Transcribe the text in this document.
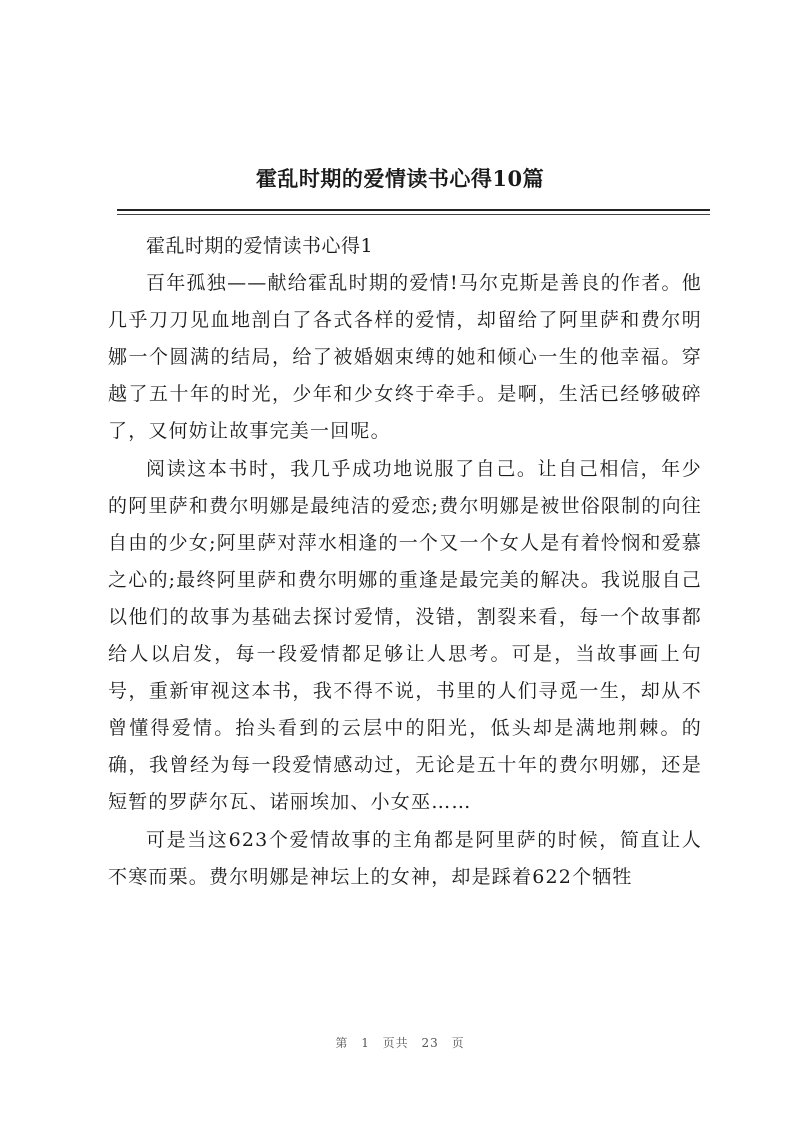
霍乱时期的爱情读书心得10篇

霍乱时期的爱情读书心得1

百年孤独——献给霍乱时期的爱情!马尔克斯是善良的作者。他几乎刀刀见血地剖白了各式各样的爱情，却留给了阿里萨和费尔明娜一个圆满的结局，给了被婚姻束缚的她和倾心一生的他幸福。穿越了五十年的时光，少年和少女终于牵手。是啊，生活已经够破碎了，又何妨让故事完美一回呢。

阅读这本书时，我几乎成功地说服了自己。让自己相信，年少的阿里萨和费尔明娜是最纯洁的爱恋;费尔明娜是被世俗限制的向往自由的少女;阿里萨对萍水相逢的一个又一个女人是有着怜悯和爱慕之心的;最终阿里萨和费尔明娜的重逢是最完美的解决。我说服自己以他们的故事为基础去探讨爱情，没错，割裂来看，每一个故事都给人以启发，每一段爱情都足够让人思考。可是，当故事画上句号，重新审视这本书，我不得不说，书里的人们寻觅一生，却从不曾懂得爱情。抬头看到的云层中的阳光，低头却是满地荆棘。的确，我曾经为每一段爱情感动过，无论是五十年的费尔明娜，还是短暂的罗萨尔瓦、诺丽埃加、小女巫……

可是当这623个爱情故事的主角都是阿里萨的时候，简直让人不寒而栗。费尔明娜是神坛上的女神，却是踩着622个牺牲

第 1 页共 23 页
